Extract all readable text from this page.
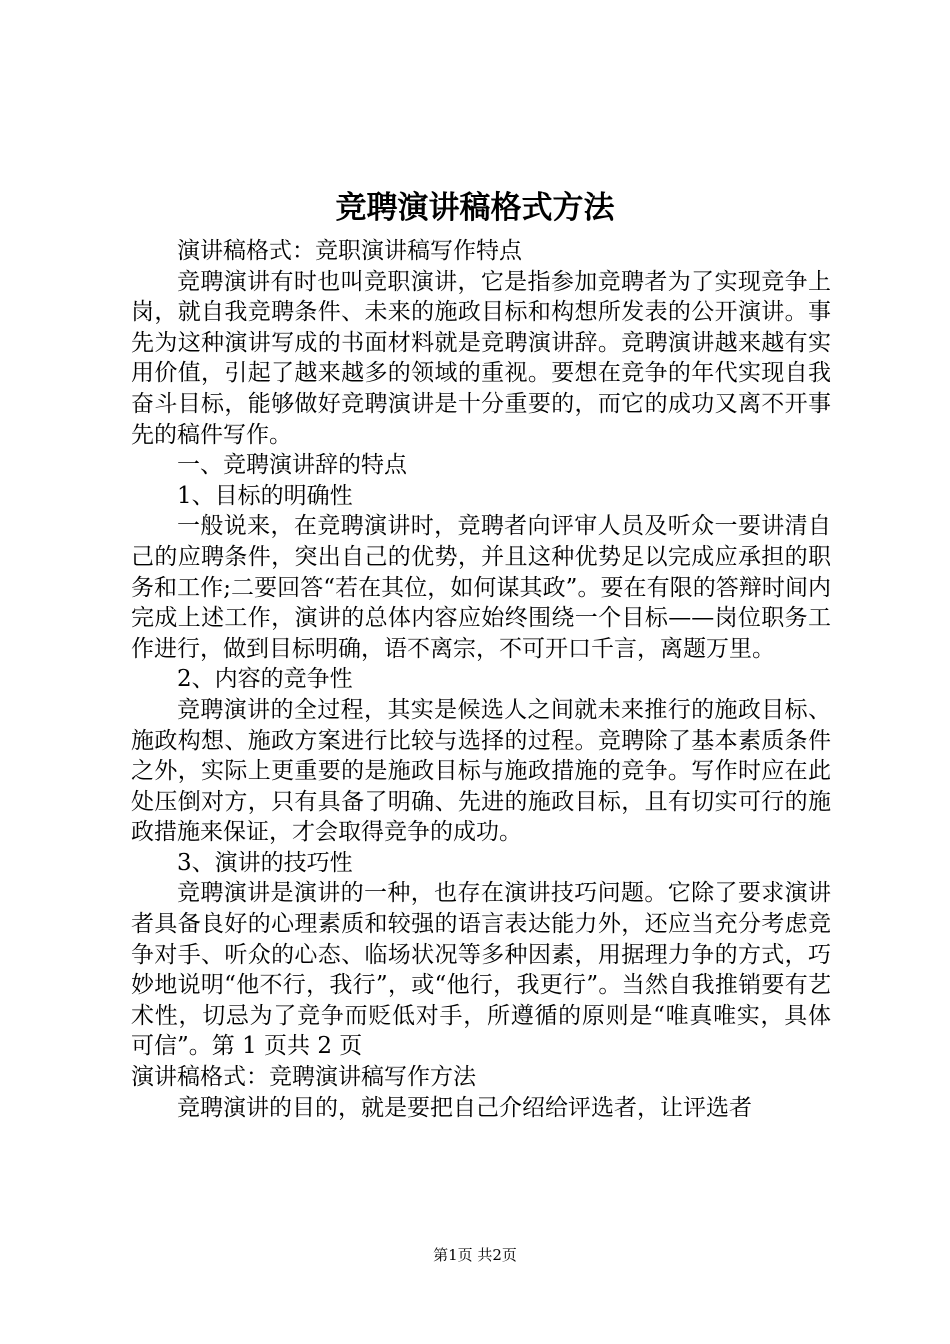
竞聘演讲稿格式方法

演讲稿格式：竞职演讲稿写作特点

竞聘演讲有时也叫竞职演讲，它是指参加竞聘者为了实现竞争上岗，就自我竞聘条件、未来的施政目标和构想所发表的公开演讲。事先为这种演讲写成的书面材料就是竞聘演讲辞。竞聘演讲越来越有实用价值，引起了越来越多的领域的重视。要想在竞争的年代实现自我奋斗目标，能够做好竞聘演讲是十分重要的，而它的成功又离不开事先的稿件写作。

一、竞聘演讲辞的特点

1、目标的明确性

一般说来，在竞聘演讲时，竞聘者向评审人员及听众一要讲清自己的应聘条件，突出自己的优势，并且这种优势足以完成应承担的职务和工作;二要回答“若在其位，如何谋其政”。要在有限的答辩时间内完成上述工作，演讲的总体内容应始终围绕一个目标——岗位职务工作进行，做到目标明确，语不离宗，不可开口千言，离题万里。

2、内容的竞争性

竞聘演讲的全过程，其实是候选人之间就未来推行的施政目标、施政构想、施政方案进行比较与选择的过程。竞聘除了基本素质条件之外，实际上更重要的是施政目标与施政措施的竞争。写作时应在此处压倒对方，只有具备了明确、先进的施政目标，且有切实可行的施政措施来保证，才会取得竞争的成功。

3、演讲的技巧性

竞聘演讲是演讲的一种，也存在演讲技巧问题。它除了要求演讲者具备良好的心理素质和较强的语言表达能力外，还应当充分考虑竞争对手、听众的心态、临场状况等多种因素，用据理力争的方式，巧妙地说明“他不行，我行”，或“他行，我更行”。当然自我推销要有艺术性，切忌为了竞争而贬低对手，所遵循的原则是“唯真唯实，具体可信”。第 1 页共 2 页

演讲稿格式：竞聘演讲稿写作方法

竞聘演讲的目的，就是要把自己介绍给评选者，让评选者

第1页 共2页
